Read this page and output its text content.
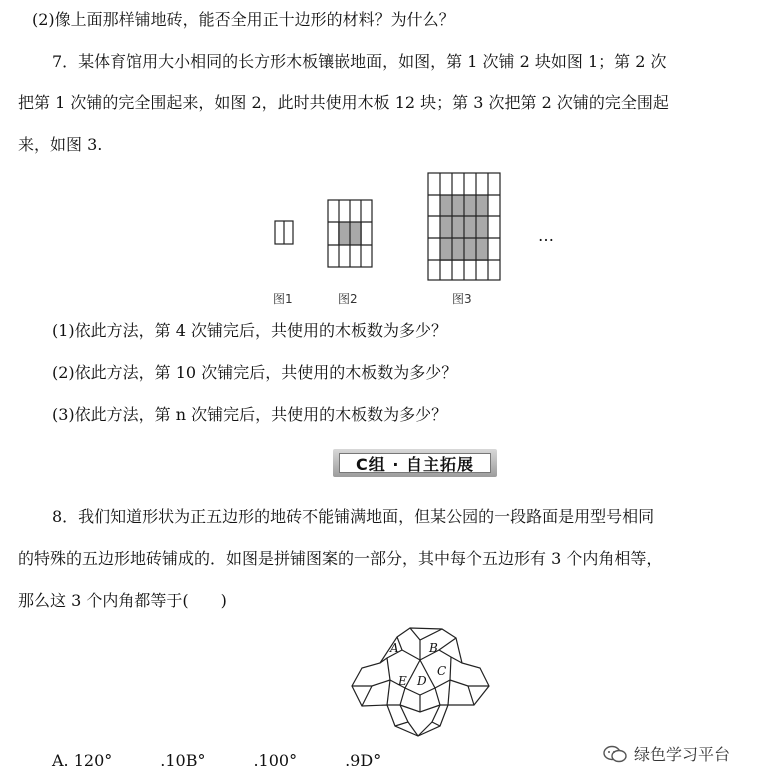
(2)像上面那样铺地砖，能否全用正十边形的材料？为什么？
7．某体育馆用大小相同的长方形木板镶嵌地面，如图，第 1 次铺 2 块如图 1；第 2 次
把第 1 次铺的完全围起来，如图 2，此时共使用木板 12 块；第 3 次把第 2 次铺的完全围起
来，如图 3.
图1	图2	图3
…
(1)依此方法，第 4 次铺完后，共使用的木板数为多少？
(2)依此方法，第 10 次铺完后，共使用的木板数为多少？
(3)依此方法，第 n 次铺完后，共使用的木板数为多少？
C组 · 自主拓展
8．我们知道形状为正五边形的地砖不能铺满地面，但某公园的一段路面是用型号相同
的特殊的五边形地砖铺成的．如图是拼铺图案的一部分，其中每个五边形有 3 个内角相等，
那么这 3 个内角都等于(　　)
A	B
C
D
E
A. 120°　　　.10B°　　　.100°　　　.9D°	绿色学习平台
